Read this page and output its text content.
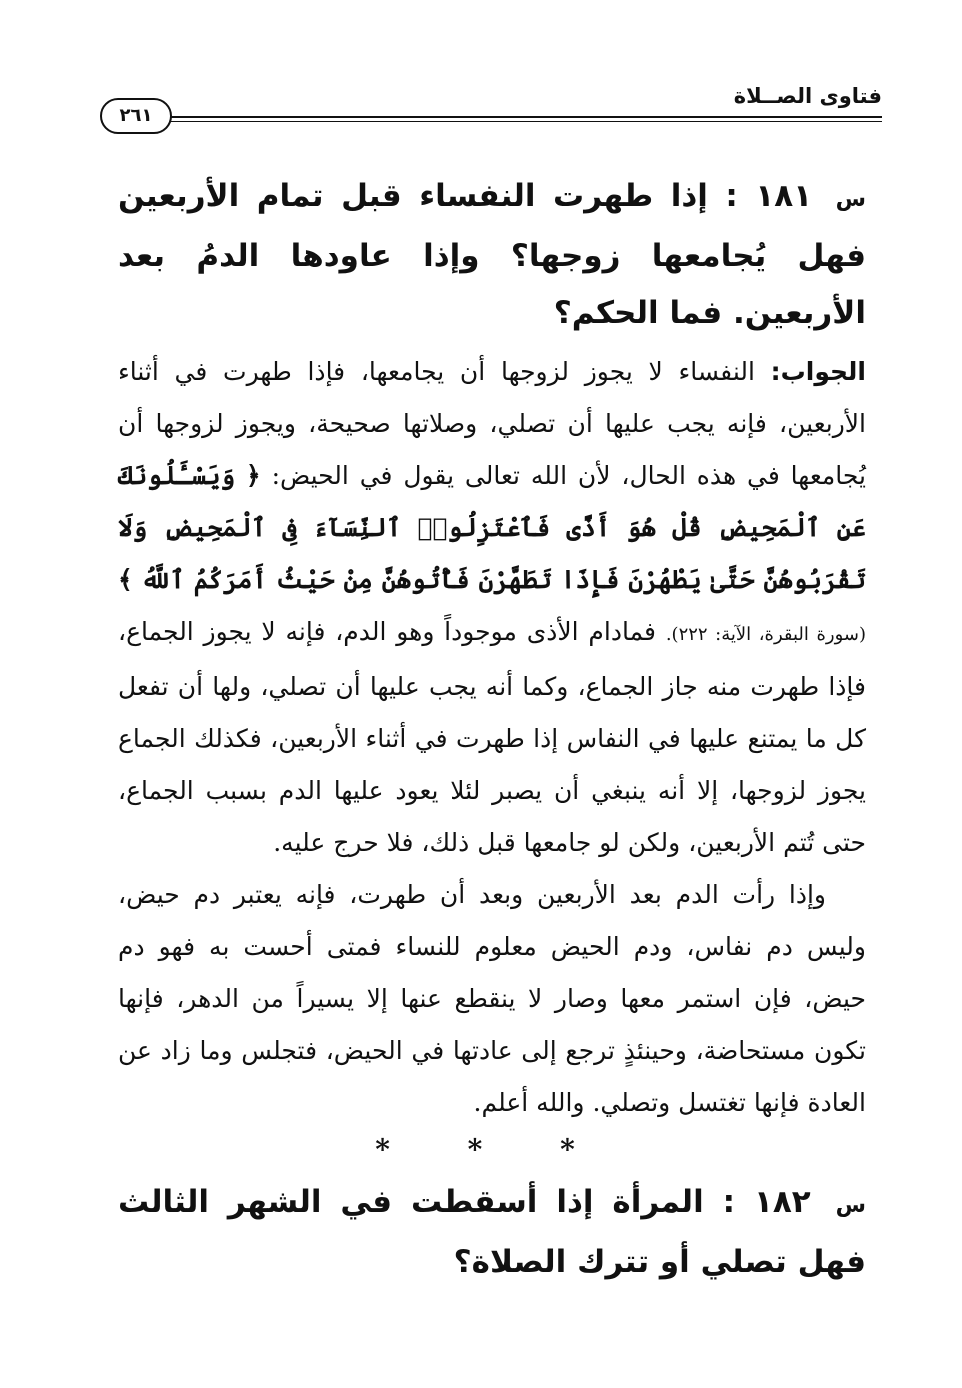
فتاوى الصــلاة
٢٦١

س ١٨١ : إذا طهرت النفساء قبل تمام الأربعين فهل يُجامعها زوجها؟ وإذا عاودها الدمُ بعد الأربعين. فما الحكم؟

الجواب: النفساء لا يجوز لزوجها أن يجامعها، فإذا طهرت في أثناء الأربعين، فإنه يجب عليها أن تصلي، وصلاتها صحيحة، ويجوز لزوجها أن يُجامعها في هذه الحال، لأن الله تعالى يقول في الحيض: ﴿ وَيَسْـَٔلُونَكَ عَنِ ٱلْمَحِيضِ قُلْ هُوَ أَذًى فَٱعْتَزِلُوا۟ ٱلنِّسَآءَ فِى ٱلْمَحِيضِ وَلَا تَقْرَبُوهُنَّ حَتَّىٰ يَطْهُرْنَ فَإِذَا تَطَهَّرْنَ فَأْتُوهُنَّ مِنْ حَيْثُ أَمَرَكُمُ ٱللَّهُ ﴾ (سورة البقرة، الآية: ٢٢٢). فمادام الأذى موجوداً وهو الدم، فإنه لا يجوز الجماع، فإذا طهرت منه جاز الجماع، وكما أنه يجب عليها أن تصلي، ولها أن تفعل كل ما يمتنع عليها في النفاس إذا طهرت في أثناء الأربعين، فكذلك الجماع يجوز لزوجها، إلا أنه ينبغي أن يصبر لئلا يعود عليها الدم بسبب الجماع، حتى تُتم الأربعين، ولكن لو جامعها قبل ذلك، فلا حرج عليه.

وإذا رأت الدم بعد الأربعين وبعد أن طهرت، فإنه يعتبر دم حيض، وليس دم نفاس، ودم الحيض معلوم للنساء فمتى أحست به فهو دم حيض، فإن استمر معها وصار لا ينقطع عنها إلا يسيراً من الدهر، فإنها تكون مستحاضة، وحينئذٍ ترجع إلى عادتها في الحيض، فتجلس وما زاد عن العادة فإنها تغتسل وتصلي. والله أعلم.

* * *

س ١٨٢ : المرأة إذا أسقطت في الشهر الثالث فهل تصلي أو تترك الصلاة؟
